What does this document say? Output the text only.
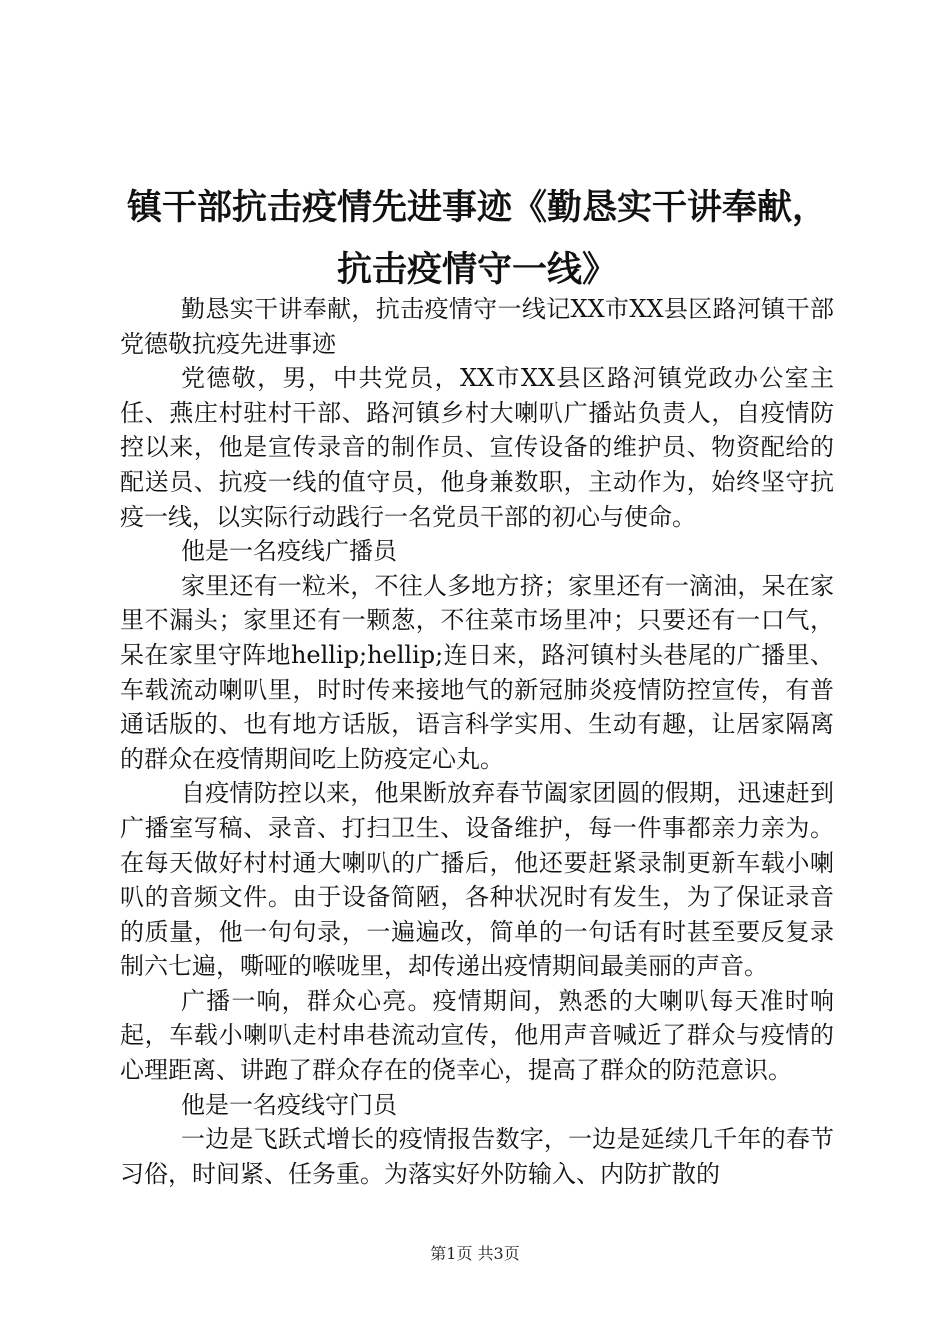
镇干部抗击疫情先进事迹《勤恳实干讲奉献，
抗击疫情守一线》

勤恳实干讲奉献，抗击疫情守一线记XX市XX县区路河镇干部党德敬抗疫先进事迹

党德敬，男，中共党员，XX市XX县区路河镇党政办公室主任、燕庄村驻村干部、路河镇乡村大喇叭广播站负责人，自疫情防控以来，他是宣传录音的制作员、宣传设备的维护员、物资配给的配送员、抗疫一线的值守员，他身兼数职，主动作为，始终坚守抗疫一线，以实际行动践行一名党员干部的初心与使命。

他是一名疫线广播员

家里还有一粒米，不往人多地方挤；家里还有一滴油，呆在家里不漏头；家里还有一颗葱，不往菜市场里冲；只要还有一口气，呆在家里守阵地hellip;hellip;连日来，路河镇村头巷尾的广播里、车载流动喇叭里，时时传来接地气的新冠肺炎疫情防控宣传，有普通话版的、也有地方话版，语言科学实用、生动有趣，让居家隔离的群众在疫情期间吃上防疫定心丸。

自疫情防控以来，他果断放弃春节阖家团圆的假期，迅速赶到广播室写稿、录音、打扫卫生、设备维护，每一件事都亲力亲为。在每天做好村村通大喇叭的广播后，他还要赶紧录制更新车载小喇叭的音频文件。由于设备简陋，各种状况时有发生，为了保证录音的质量，他一句句录，一遍遍改，简单的一句话有时甚至要反复录制六七遍，嘶哑的喉咙里，却传递出疫情期间最美丽的声音。

广播一响，群众心亮。疫情期间，熟悉的大喇叭每天准时响起，车载小喇叭走村串巷流动宣传，他用声音喊近了群众与疫情的心理距离、讲跑了群众存在的侥幸心，提高了群众的防范意识。

他是一名疫线守门员

一边是飞跃式增长的疫情报告数字，一边是延续几千年的春节习俗，时间紧、任务重。为落实好外防输入、内防扩散的

第1页 共3页
